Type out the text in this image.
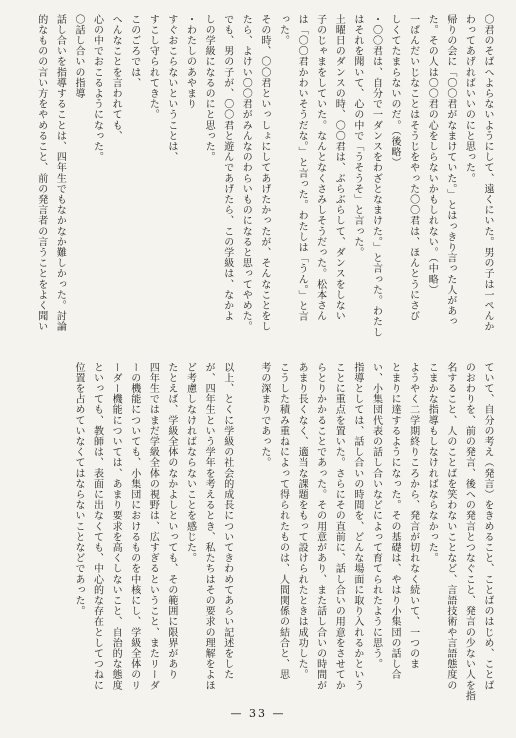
〇君のそばへよらないようにして、遠くにいた。男の子は一ぺんか
わってあげればいいのにと思った。
帰りの会に「〇〇君がなまけていた。」とはっきり言った人があっ
た。その人は〇〇君の心をしらないかもしれない。（中略）
一ぱんだいじなことはそうじをやった〇〇君は、ほんとうにさび
しくてたまらないのだ。（後略）
・〇〇君は、自分で一ダンスをわざとなまけた。」と言った。わたし
はそれを聞いて、心の中で「うそうそ」と言った。
土曜日のダンスの時、〇〇君は、ぶらぶらして、ダンスをしない
子のじゃまをしていた。なんとなくさみしそうだった。松本さん
は「〇〇君かわいそうだな。」と言った。わたしは「うん。」と言
った。
その時、〇〇君といっしょにしてあげたかったが、そんなことをし
たら、よけい〇〇君がみんなのわらいものになると思ってやめた。
でも、男の子が、〇〇君と遊んであげたら、この学級は、なかよ
しの学級になるのにと思った。
・わたしのあやまり
すぐおこらないということは、
すこし守られてきた。
このごろでは、
へんなことを言われても、
心の中でおこるようになった。
〇話し合いの指導
話し合いを指導することは、四年生でもなかなか難しかった。討論
的なものの言い方をやめること、前の発言者の言うことをよく聞い
ていて、自分の考え（発言）をきめること、ことばのはじめ、ことば
のおわりを、前の発言、後への発言とつなぐこと、発言の少ない人を指
名すること、人のことばを笑わないことなど、言語技術や言語態度の
こまかな指導もしなければならなかった。
ようやく二学期終りころから、発言が切れなく続いて、一つのま
とまりに達するようになった。その基礎は、やはり小集団の話し合
い、小集団代表の話し合いなどによって育てられたように思う。
指導としては、話し合いの時間を、どんな場面に取り入れるかという
ことに重点を置いた。さらにその直前に、話し合いの用意をさせてか
らとりかかることであった。その用意があり、また話し合いの時間が
あまり長くなく、適当な課題をもって設けられたときは成功した。
こうした積み重ねによって得られたものは、人間関係の結合と、思
考の深まりであった。

以上、とくに学級の社会的成長についてきわめてあらい記述をした
が、四年生という学年を考えるとき、私たちはその要求の理解をよほ
ど考慮しなければならないことを感じた。
たとえば、学級全体のなかよしといっても、その範囲に限界があり
四年生ではまだ学級全体の視野は、広すぎるということ、またリーダ
ーの機能についても、小集団におけるものを中核にし、学級全体のリ
ーダー機能については、あまり要求を高くしないこと、自治的な態度
といっても、教師は、表面に出なくても、中心的な存在としてつねに
位置を占めていなくてはならないことなどであった。
— 33 —
